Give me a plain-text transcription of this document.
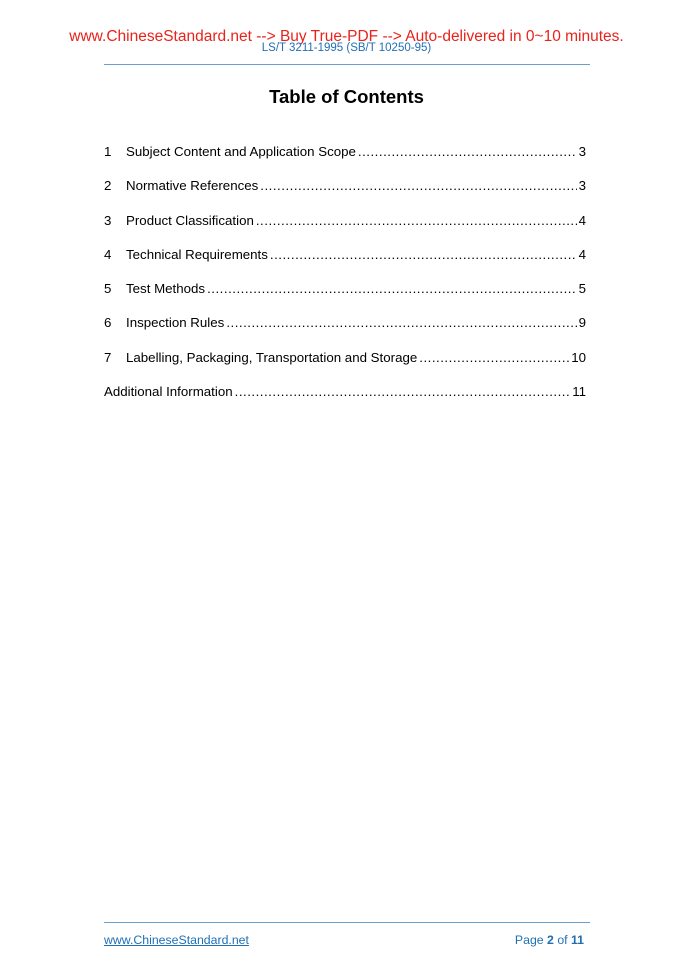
www.ChineseStandard.net --> Buy True-PDF --> Auto-delivered in 0~10 minutes.
LS/T 3211-1995 (SB/T 10250-95)
Table of Contents
1	Subject Content and Application Scope .....	3
2	Normative References .....	3
3	Product Classification .....	4
4	Technical Requirements .....	4
5	Test Methods .....	5
6	Inspection Rules .....	9
7	Labelling, Packaging, Transportation and Storage .....	10
Additional Information .....	11
www.ChineseStandard.net	Page 2 of 11
